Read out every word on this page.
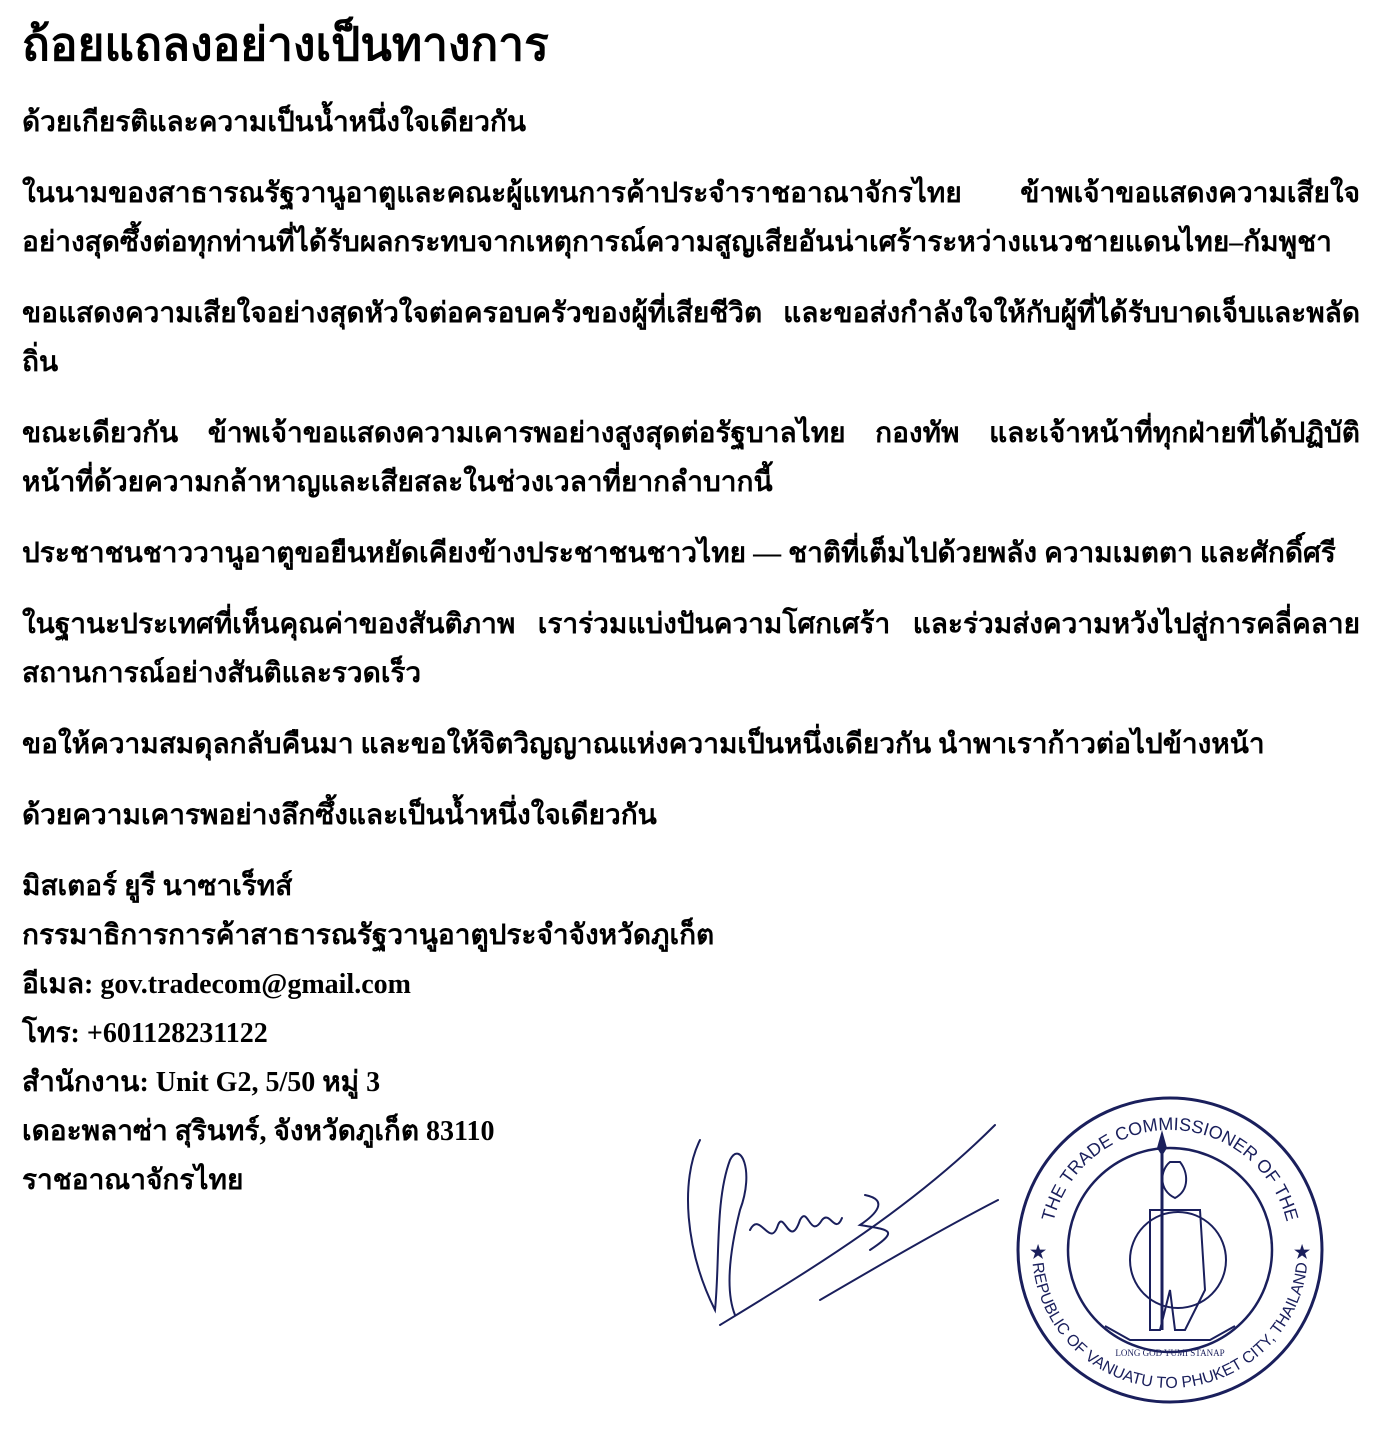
ถ้อยแถลงอย่างเป็นทางการ

ด้วยเกียรติและความเป็นน้ำหนึ่งใจเดียวกัน

ในนามของสาธารณรัฐวานูอาตูและคณะผู้แทนการค้าประจำราชอาณาจักรไทย ข้าพเจ้าขอแสดงความเสียใจอย่างสุดซึ้งต่อทุกท่านที่ได้รับผลกระทบจากเหตุการณ์ความสูญเสียอันน่าเศร้าระหว่างแนวชายแดนไทย–กัมพูชา

ขอแสดงความเสียใจอย่างสุดหัวใจต่อครอบครัวของผู้ที่เสียชีวิต และขอส่งกำลังใจให้กับผู้ที่ได้รับบาดเจ็บและพลัดถิ่น

ขณะเดียวกัน ข้าพเจ้าขอแสดงความเคารพอย่างสูงสุดต่อรัฐบาลไทย กองทัพ และเจ้าหน้าที่ทุกฝ่ายที่ได้ปฏิบัติหน้าที่ด้วยความกล้าหาญและเสียสละในช่วงเวลาที่ยากลำบากนี้

ประชาชนชาววานูอาตูขอยืนหยัดเคียงข้างประชาชนชาวไทย — ชาติที่เต็มไปด้วยพลัง ความเมตตา และศักดิ์ศรี

ในฐานะประเทศที่เห็นคุณค่าของสันติภาพ เราร่วมแบ่งปันความโศกเศร้า และร่วมส่งความหวังไปสู่การคลี่คลายสถานการณ์อย่างสันติและรวดเร็ว

ขอให้ความสมดุลกลับคืนมา และขอให้จิตวิญญาณแห่งความเป็นหนึ่งเดียวกัน นำพาเราก้าวต่อไปข้างหน้า

ด้วยความเคารพอย่างลึกซึ้งและเป็นน้ำหนึ่งใจเดียวกัน

มิสเตอร์ ยูรี นาซาเร็ทส์
กรรมาธิการการค้าสาธารณรัฐวานูอาตูประจำจังหวัดภูเก็ต
อีเมล: gov.tradecom@gmail.com
โทร: +601128231122
สำนักงาน: Unit G2, 5/50 หมู่ 3
เดอะพลาซ่า สุรินทร์, จังหวัดภูเก็ต 83110
ราชอาณาจักรไทย
THE TRADE COMMISSIONER OF THE
REPUBLIC OF VANUATU TO PHUKET CITY, THAILAND
LONG GOD YUMI STANAP
★	★
